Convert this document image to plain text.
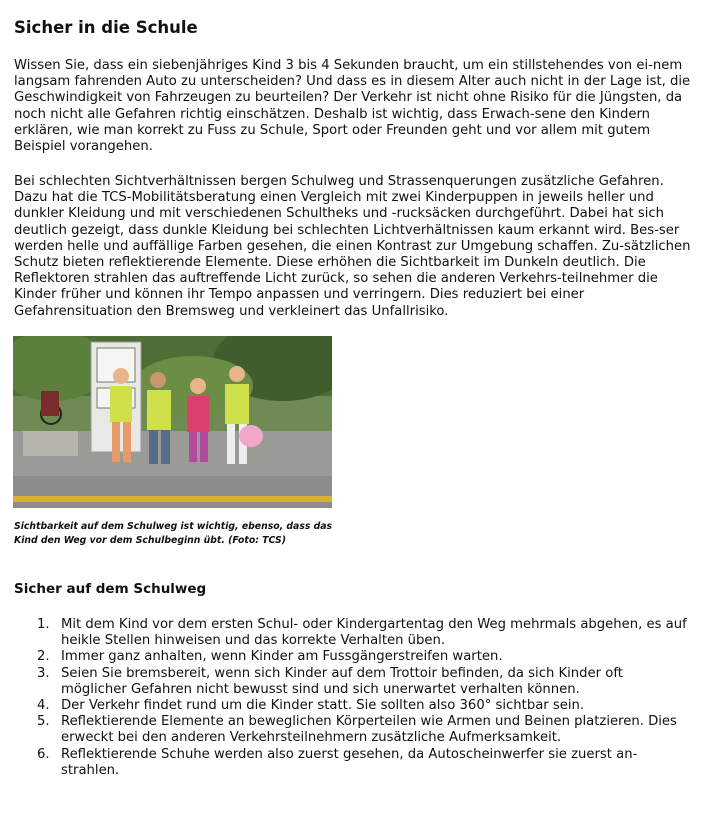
Sicher in die Schule

Wissen Sie, dass ein siebenjähriges Kind 3 bis 4 Sekunden braucht, um ein stillstehendes von ei-nem langsam fahrenden Auto zu unterscheiden? Und dass es in diesem Alter auch nicht in der Lage ist, die Geschwindigkeit von Fahrzeugen zu beurteilen? Der Verkehr ist nicht ohne Risiko für die Jüngsten, da noch nicht alle Gefahren richtig einschätzen. Deshalb ist wichtig, dass Erwach-sene den Kindern erklären, wie man korrekt zu Fuss zu Schule, Sport oder Freunden geht und vor allem mit gutem Beispiel vorangehen.

Bei schlechten Sichtverhältnissen bergen Schulweg und Strassenquerungen zusätzliche Gefahren. Dazu hat die TCS-Mobilitätsberatung einen Vergleich mit zwei Kinderpuppen in jeweils heller und dunkler Kleidung und mit verschiedenen Schultheks und -rucksäcken durchgeführt. Dabei hat sich deutlich gezeigt, dass dunkle Kleidung bei schlechten Lichtverhältnissen kaum erkannt wird. Bes-ser werden helle und auffällige Farben gesehen, die einen Kontrast zur Umgebung schaffen. Zu-sätzlichen Schutz bieten reflektierende Elemente. Diese erhöhen die Sichtbarkeit im Dunkeln deutlich. Die Reflektoren strahlen das auftreffende Licht zurück, so sehen die anderen Verkehrs-teilnehmer die Kinder früher und können ihr Tempo anpassen und verringern. Dies reduziert bei einer Gefahrensituation den Bremsweg und verkleinert das Unfallrisiko.

Sichtbarkeit auf dem Schulweg ist wichtig, ebenso, dass das Kind den Weg vor dem Schulbeginn übt. (Foto: TCS)

Sicher auf dem Schulweg
1. Mit dem Kind vor dem ersten Schul- oder Kindergartentag den Weg mehrmals abgehen, es auf heikle Stellen hinweisen und das korrekte Verhalten üben.
2. Immer ganz anhalten, wenn Kinder am Fussgängerstreifen warten.
3. Seien Sie bremsbereit, wenn sich Kinder auf dem Trottoir befinden, da sich Kinder oft möglicher Gefahren nicht bewusst sind und sich unerwartet verhalten können.
4. Der Verkehr findet rund um die Kinder statt. Sie sollten also 360° sichtbar sein.
5. Reflektierende Elemente an beweglichen Körperteilen wie Armen und Beinen platzieren. Dies erweckt bei den anderen Verkehrsteilnehmern zusätzliche Aufmerksamkeit.
6. Reflektierende Schuhe werden also zuerst gesehen, da Autoscheinwerfer sie zuerst an-strahlen.
